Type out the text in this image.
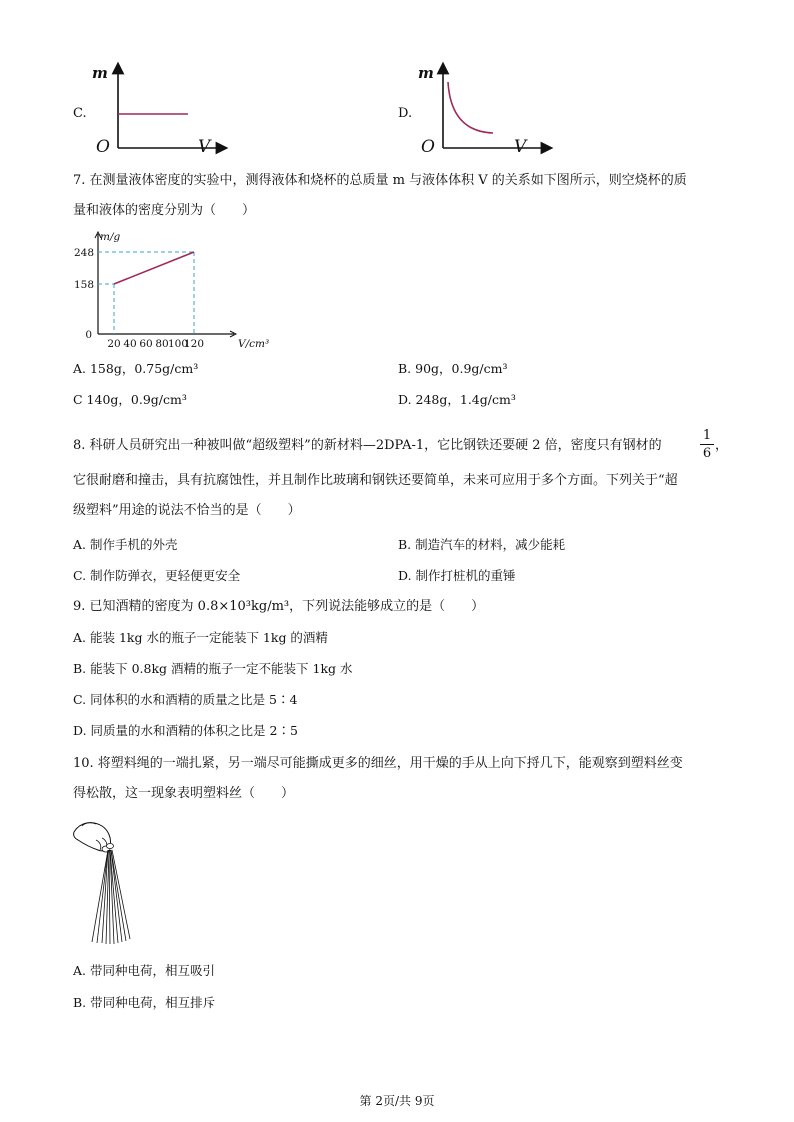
C.	D.
m
O	V
m
O	V
7. 在测量液体密度的实验中，测得液体和烧杯的总质量 m 与液体体积 V 的关系如下图所示，则空烧杯的质
量和液体的密度分别为（　　）
20 40 60 80 100
120
158
248
0
m/g
V/cm³
A. 158g，0.75g/cm³	B. 90g，0.9g/cm³
C 140g，0.9g/cm³	D. 248g，1.4g/cm³
8. 科研人员研究出一种被叫做“超级塑料”的新材料—2DPA-1，它比钢铁还要硬 2 倍，密度只有钢材的
1
6
，
它很耐磨和撞击，具有抗腐蚀性，并且制作比玻璃和钢铁还要简单，未来可应用于多个方面。下列关于“超
级塑料”用途的说法不恰当的是（　　）
A. 制作手机的外壳	B. 制造汽车的材料，减少能耗
C. 制作防弹衣，更轻便更安全	D. 制作打桩机的重锤
9. 已知酒精的密度为 0.8×10³kg/m³，下列说法能够成立的是（　　）
A. 能装 1kg 水的瓶子一定能装下 1kg 的酒精
B. 能装下 0.8kg 酒精的瓶子一定不能装下 1kg 水
C. 同体积的水和酒精的质量之比是 5∶4
D. 同质量的水和酒精的体积之比是 2∶5
10. 将塑料绳的一端扎紧，另一端尽可能撕成更多的细丝，用干燥的手从上向下捋几下，能观察到塑料丝变
得松散，这一现象表明塑料丝（　　）
A. 带同种电荷，相互吸引
B. 带同种电荷，相互排斥
第 2页/共 9页
